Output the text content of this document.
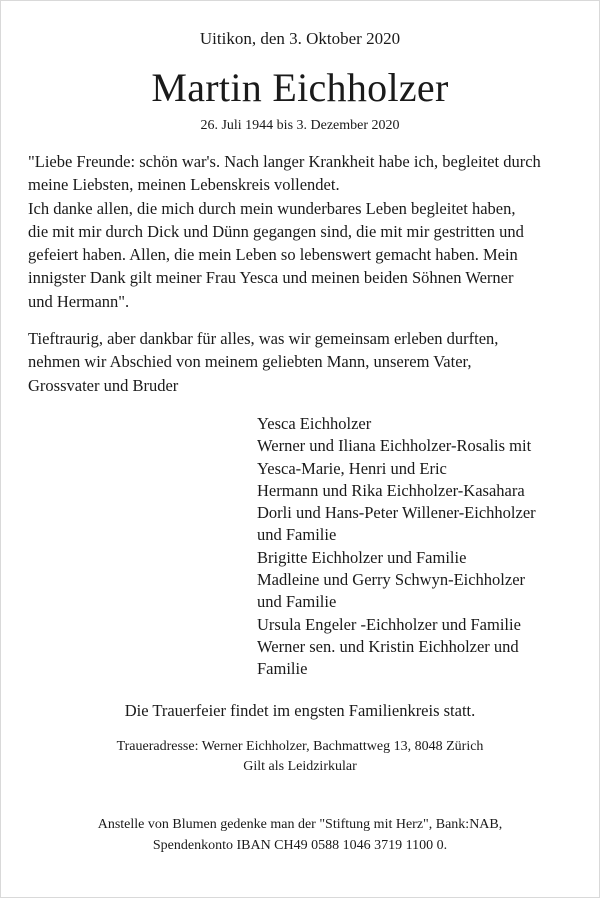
Uitikon, den 3. Oktober 2020
Martin Eichholzer
26. Juli 1944 bis 3. Dezember 2020

"Liebe Freunde: schön war's. Nach langer Krankheit habe ich, begleitet durch

meine Liebsten, meinen Lebenskreis vollendet.

Ich danke allen, die mich durch mein wunderbares Leben begleitet haben,

die mit mir durch Dick und Dünn gegangen sind, die mit mir gestritten und

gefeiert haben. Allen, die mein Leben so lebenswert gemacht haben. Mein

innigster Dank gilt meiner Frau Yesca und meinen beiden Söhnen Werner

und Hermann".

Tieftraurig, aber dankbar für alles, was wir gemeinsam erleben durften,

nehmen wir Abschied von meinem geliebten Mann, unserem Vater,

Grossvater und Bruder

Yesca Eichholzer
Werner und Iliana Eichholzer-Rosalis mit
Yesca-Marie, Henri und Eric
Hermann und Rika Eichholzer-Kasahara
Dorli und Hans-Peter Willener-Eichholzer
und Familie
Brigitte Eichholzer und Familie
Madleine und Gerry Schwyn-Eichholzer
und Familie
Ursula Engeler -Eichholzer und Familie
Werner sen. und Kristin Eichholzer und
Familie
Die Trauerfeier findet im engsten Familienkreis statt.
Traueradresse: Werner Eichholzer, Bachmattweg 13, 8048 Zürich
Gilt als Leidzirkular
Anstelle von Blumen gedenke man der "Stiftung mit Herz", Bank:NAB,
Spendenkonto IBAN CH49 0588 1046 3719 1100 0.
